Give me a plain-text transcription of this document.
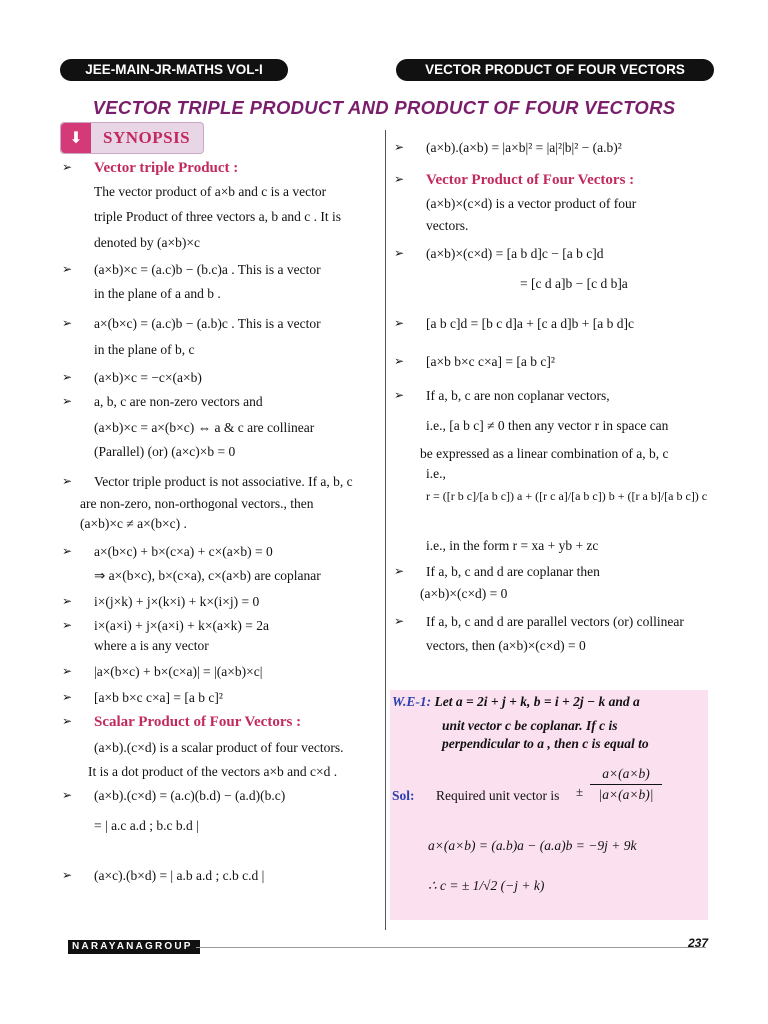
JEE-MAIN-JR-MATHS VOL-I	VECTOR PRODUCT OF FOUR VECTORS
VECTOR TRIPLE PRODUCT AND PRODUCT OF FOUR VECTORS
⬇	SYNOPSIS
➢ Vector triple Product :
The vector product of a×b and c is a vector
triple Product of three vectors a, b and c . It is
denoted by (a×b)×c
➢ (a×b)×c = (a.c)b − (b.c)a . This is a vector
in the plane of a and b .
➢ a×(b×c) = (a.c)b − (a.b)c . This is a vector
in the plane of b, c
➢ (a×b)×c = −c×(a×b)
➢ a, b, c are non-zero vectors and
(a×b)×c = a×(b×c) ⇔ a & c are collinear
(Parallel) (or) (a×c)×b = 0
➢ Vector triple product is not associative. If a, b, c
are non-zero, non-orthogonal vectors., then
(a×b)×c ≠ a×(b×c) .
➢ a×(b×c) + b×(c×a) + c×(a×b) = 0
⇒ a×(b×c), b×(c×a), c×(a×b) are coplanar
➢ i×(j×k) + j×(k×i) + k×(i×j) = 0
➢ i×(a×i) + j×(a×i) + k×(a×k) = 2a
where a is any vector
➢ |a×(b×c) + b×(c×a)| = |(a×b)×c|
➢ [a×b b×c c×a] = [a b c]²
➢ Scalar Product of Four Vectors :
(a×b).(c×d) is a scalar product of four vectors.
It is a dot product of the vectors a×b and c×d .
➢ (a×b).(c×d) = (a.c)(b.d) − (a.d)(b.c)
= | a.c a.d ; b.c b.d |
➢ (a×c).(b×d) = | a.b a.d ; c.b c.d |
➢ (a×b).(a×b) = |a×b|² = |a|²|b|² − (a.b)²
➢ Vector Product of Four Vectors :
(a×b)×(c×d) is a vector product of four
vectors.
➢ (a×b)×(c×d) = [a b d]c − [a b c]d
= [c d a]b − [c d b]a
➢ [a b c]d = [b c d]a + [c a d]b + [a b d]c
➢ [a×b b×c c×a] = [a b c]²
➢ If a, b, c are non coplanar vectors,
i.e., [a b c] ≠ 0 then any vector r in space can
be expressed as a linear combination of a, b, c
i.e.,
r = ([r b c]/[a b c]) a + ([r c a]/[a b c]) b + ([r a b]/[a b c]) c
i.e., in the form r = xa + yb + zc
➢ If a, b, c and d are coplanar then
(a×b)×(c×d) = 0
➢ If a, b, c and d are parallel vectors (or) collinear
vectors, then (a×b)×(c×d) = 0
W.E-1: Let a = 2i + j + k, b = i + 2j − k and a
unit vector c be coplanar. If c is
perpendicular to a , then c is equal to
Sol: Required unit vector is ± $\frac{a\times(a\times b)}{|a\times(a\times b)|}$
a×(a×b) = (a.b)a − (a.a)b = −9j + 9k
∴ c = ± 1/√2 (−j + k)
NARAYANAGROUP	237
